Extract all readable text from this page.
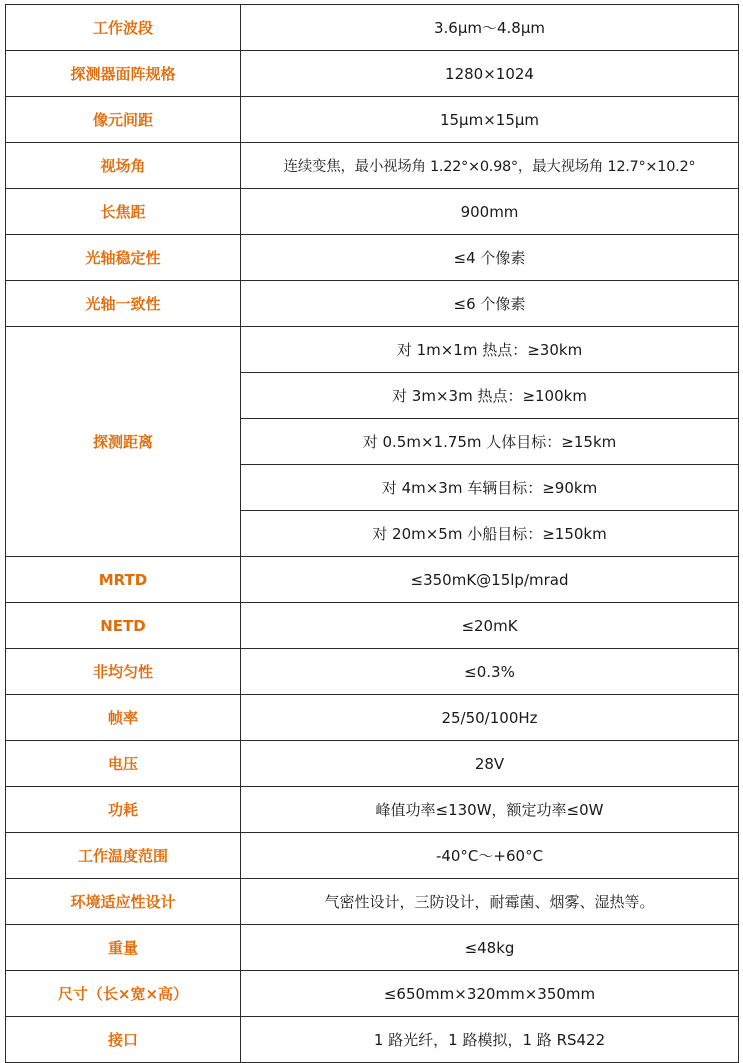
工作波段	3.6μm～4.8μm
探测器面阵规格	1280×1024
像元间距	15μm×15μm
视场角	连续变焦，最小视场角 1.22°×0.98°，最大视场角 12.7°×10.2°
长焦距	900mm
光轴稳定性	≤4 个像素
光轴一致性	≤6 个像素
探测距离	对 1m×1m 热点：≥30km
	对 3m×3m 热点：≥100km
	对 0.5m×1.75m 人体目标：≥15km
	对 4m×3m 车辆目标：≥90km
	对 20m×5m 小船目标：≥150km
MRTD	≤350mK@15lp/mrad
NETD	≤20mK
非均匀性	≤0.3%
帧率	25/50/100Hz
电压	28V
功耗	峰值功率≤130W，额定功率≤0W
工作温度范围	-40°C～+60°C
环境适应性设计	气密性设计，三防设计，耐霉菌、烟雾、湿热等。
重量	≤48kg
尺寸（长×宽×高）	≤650mm×320mm×350mm
接口	1 路光纤，1 路模拟，1 路 RS422
